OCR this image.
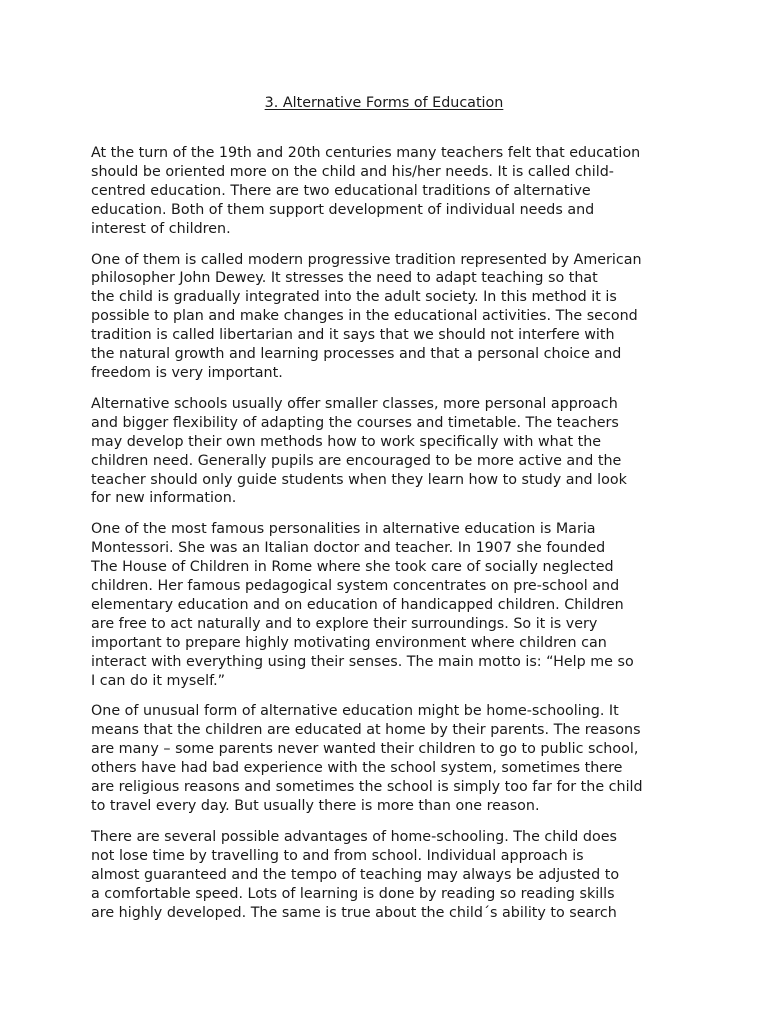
3. Alternative Forms of Education

At the turn of the 19th and 20th centuries many teachers felt that education
should be oriented more on the child and his/her needs. It is called child-
centred education. There are two educational traditions of alternative
education. Both of them support development of individual needs and
interest of children.

One of them is called modern progressive tradition represented by American
philosopher John Dewey. It stresses the need to adapt teaching so that
the child is gradually integrated into the adult society. In this method it is
possible to plan and make changes in the educational activities. The second
tradition is called libertarian and it says that we should not interfere with
the natural growth and learning processes and that a personal choice and
freedom is very important.

Alternative schools usually offer smaller classes, more personal approach
and bigger flexibility of adapting the courses and timetable. The teachers
may develop their own methods how to work specifically with what the
children need. Generally pupils are encouraged to be more active and the
teacher should only guide students when they learn how to study and look
for new information.

One of the most famous personalities in alternative education is Maria
Montessori. She was an Italian doctor and teacher. In 1907 she founded
The House of Children in Rome where she took care of socially neglected
children. Her famous pedagogical system concentrates on pre-school and
elementary education and on education of handicapped children. Children
are free to act naturally and to explore their surroundings. So it is very
important to prepare highly motivating environment where children can
interact with everything using their senses. The main motto is: “Help me so
I can do it myself.”

One of unusual form of alternative education might be home-schooling. It
means that the children are educated at home by their parents. The reasons
are many – some parents never wanted their children to go to public school,
others have had bad experience with the school system, sometimes there
are religious reasons and sometimes the school is simply too far for the child
to travel every day. But usually there is more than one reason.

There are several possible advantages of home-schooling. The child does
not lose time by travelling to and from school. Individual approach is
almost guaranteed and the tempo of teaching may always be adjusted to
a comfortable speed. Lots of learning is done by reading so reading skills
are highly developed. The same is true about the child´s ability to search
